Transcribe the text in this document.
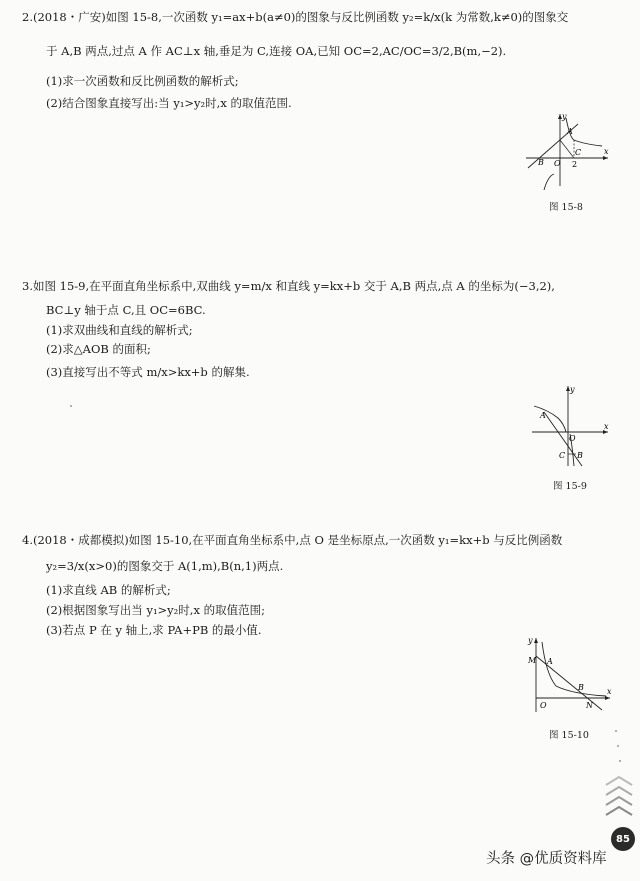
2.(2018・广安)如图 15-8,一次函数 y₁=ax+b(a≠0)的图象与反比例函数 y₂=k/x(k 为常数,k≠0)的图象交
于 A,B 两点,过点 A 作 AC⊥x 轴,垂足为 C,连接 OA,已知 OC=2,AC/OC=3/2,B(m,−2).
(1)求一次函数和反比例函数的解析式;
(2)结合图象直接写出:当 y₁>y₂时,x 的取值范围.
y
x
A
B
C
O 2
图 15-8
3.如图 15-9,在平面直角坐标系中,双曲线 y=m/x 和直线 y=kx+b 交于 A,B 两点,点 A 的坐标为(−3,2),
BC⊥y 轴于点 C,且 OC=6BC.
(1)求双曲线和直线的解析式;
(2)求△AOB 的面积;
(3)直接写出不等式 m/x>kx+b 的解集.
y
x
A
B
C
O
图 15-9
4.(2018・成都模拟)如图 15-10,在平面直角坐标系中,点 O 是坐标原点,一次函数 y₁=kx+b 与反比例函数
y₂=3/x(x>0)的图象交于 A(1,m),B(n,1)两点.
(1)求直线 AB 的解析式;
(2)根据图象写出当 y₁>y₂时,x 的取值范围;
(3)若点 P 在 y 轴上,求 PA+PB 的最小值.
y
x
A
B
M
N
O
图 15-10
85
头条 @优质资料库
